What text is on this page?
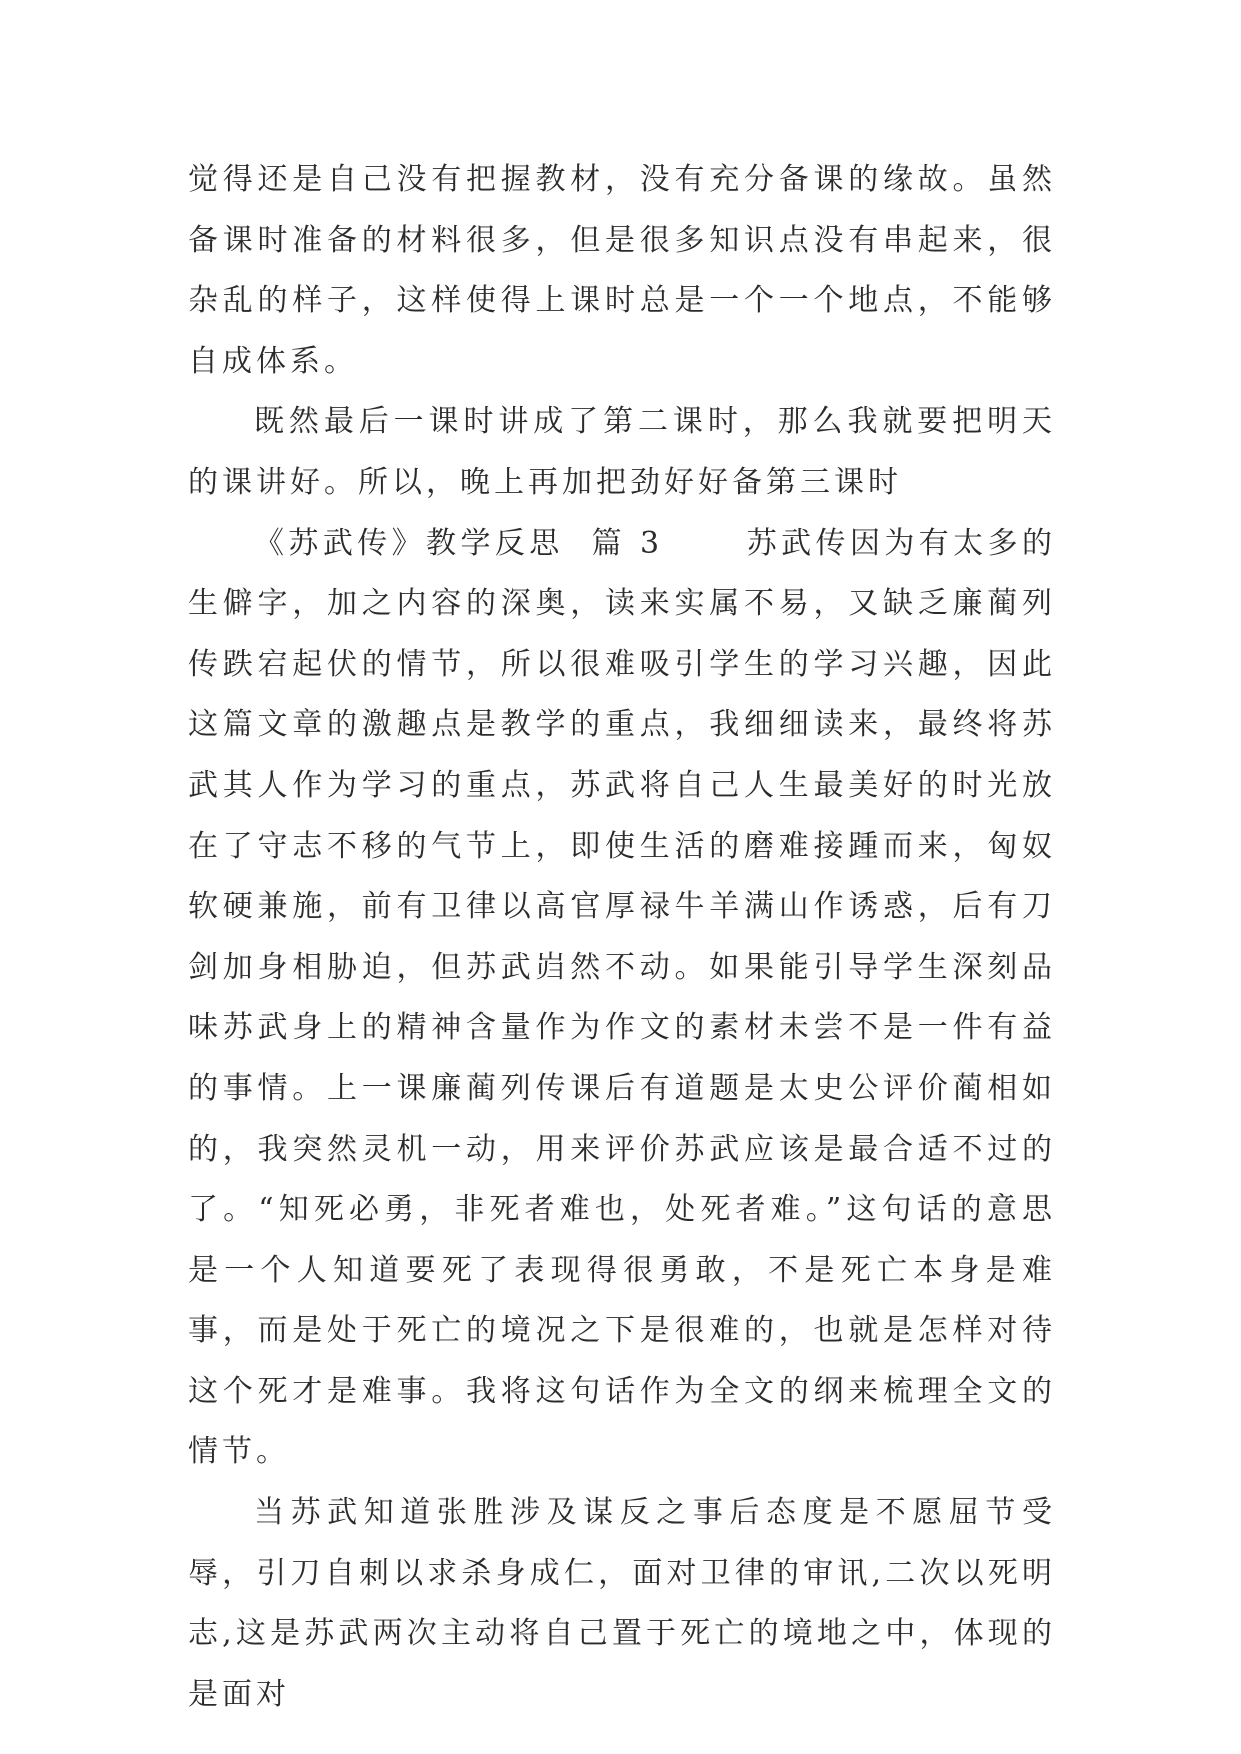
觉得还是自己没有把握教材，没有充分备课的缘故。虽然备课时准备的材料很多，但是很多知识点没有串起来，很杂乱的样子，这样使得上课时总是一个一个地点，不能够自成体系。

既然最后一课时讲成了第二课时，那么我就要把明天的课讲好。所以，晚上再加把劲好好备第三课时

《苏武传》教学反思  篇 3      苏武传因为有太多的生僻字，加之内容的深奥，读来实属不易，又缺乏廉蔺列传跌宕起伏的情节，所以很难吸引学生的学习兴趣，因此这篇文章的激趣点是教学的重点，我细细读来，最终将苏武其人作为学习的重点，苏武将自己人生最美好的时光放在了守志不移的气节上，即使生活的磨难接踵而来，匈奴软硬兼施，前有卫律以高官厚禄牛羊满山作诱惑，后有刀剑加身相胁迫，但苏武岿然不动。如果能引导学生深刻品味苏武身上的精神含量作为作文的素材未尝不是一件有益的事情。上一课廉蔺列传课后有道题是太史公评价蔺相如的，我突然灵机一动，用来评价苏武应该是最合适不过的了。“知死必勇，非死者难也，处死者难。”这句话的意思是一个人知道要死了表现得很勇敢，不是死亡本身是难事，而是处于死亡的境况之下是很难的，也就是怎样对待这个死才是难事。我将这句话作为全文的纲来梳理全文的情节。

当苏武知道张胜涉及谋反之事后态度是不愿屈节受辱，引刀自刺以求杀身成仁，面对卫律的审讯,二次以死明志,这是苏武两次主动将自己置于死亡的境地之中，体现的是面对
